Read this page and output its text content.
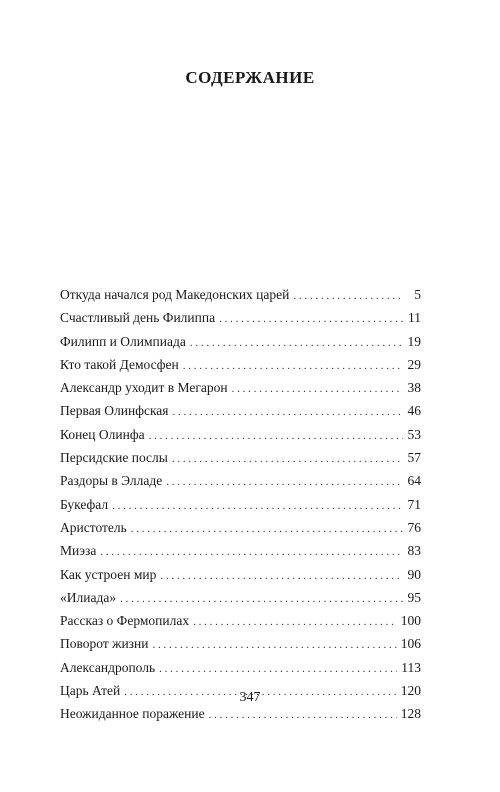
СОДЕРЖАНИЕ
Откуда начался род Македонских царей . . .	5
Счастливый день Филиппа . . .	11
Филипп и Олимпиада . . .	19
Кто такой Демосфен . . .	29
Александр уходит в Мегарон . . .	38
Первая Олинфская . . .	46
Конец Олинфа . . .	53
Персидские послы . . .	57
Раздоры в Элладе . . .	64
Букефал . . .	71
Аристотель . . .	76
Миэза . . .	83
Как устроен мир . . .	90
«Илиада» . . .	95
Рассказ о Фермопилах . . .	100
Поворот жизни . . .	106
Александрополь . . .	113
Царь Атей . . .	120
Неожиданное поражение . . .	128
347
